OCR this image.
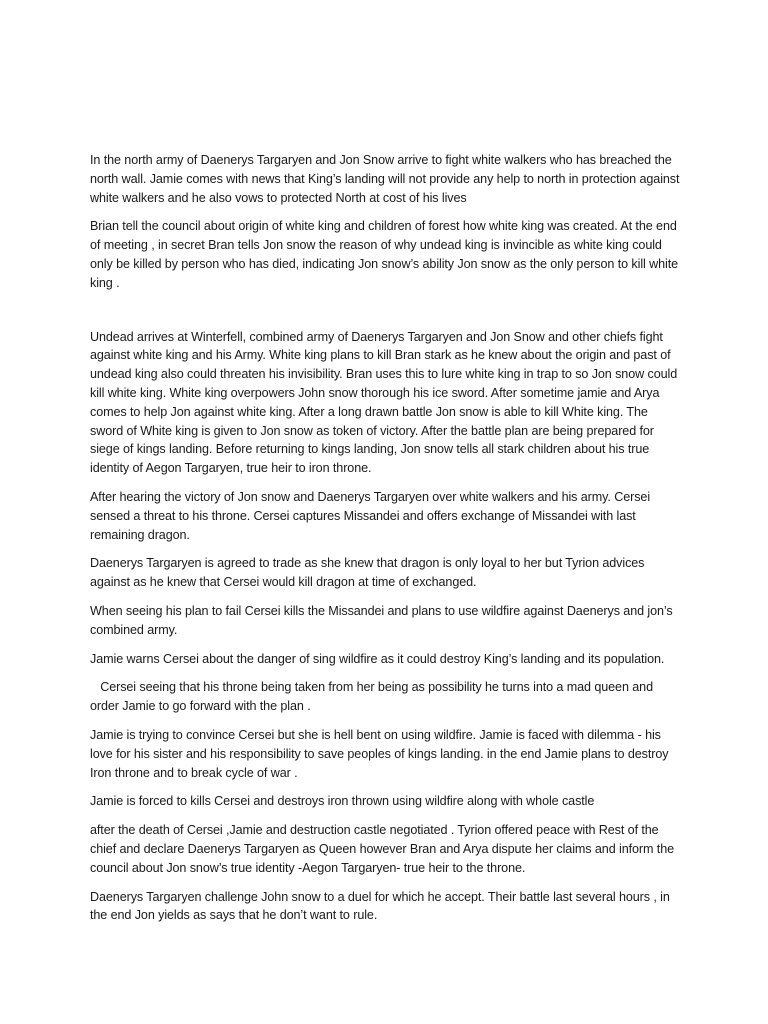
In the north army of Daenerys Targaryen and Jon Snow arrive to fight white walkers who has breached the north wall. Jamie comes with news that King’s landing will not provide any help to north in protection against white walkers and he also vows to protected North at cost of his lives

Brian tell the council about origin of white king and children of forest how white king was created. At the end of meeting , in secret Bran tells Jon snow the reason of why undead king is invincible as white king could only be killed by person who has died, indicating Jon snow’s ability Jon snow as the only person to kill white king .

Undead arrives at Winterfell, combined army of Daenerys Targaryen and Jon Snow and other chiefs fight against white king and his Army. White king plans to kill Bran stark as he knew about the origin and past of undead king also could threaten his invisibility. Bran uses this to lure white king in trap to so Jon snow could kill white king. White king overpowers John snow thorough his ice sword. After sometime jamie and Arya comes to help Jon against white king. After a long drawn battle Jon snow is able to kill White king. The sword of White king is given to Jon snow as token of victory. After the battle plan are being prepared for siege of kings landing. Before returning to kings landing, Jon snow tells all stark children about his true identity of Aegon Targaryen, true heir to iron throne.

After hearing the victory of Jon snow and Daenerys Targaryen over white walkers and his army. Cersei sensed a threat to his throne. Cersei captures Missandei and offers exchange of Missandei with last remaining dragon.

Daenerys Targaryen is agreed to trade as she knew that dragon is only loyal to her but Tyrion advices against as he knew that Cersei would kill dragon at time of exchanged.

When seeing his plan to fail Cersei kills the Missandei and plans to use wildfire against Daenerys and jon’s combined army.

Jamie warns Cersei about the danger of sing wildfire as it could destroy King’s landing and its population.

Cersei seeing that his throne being taken from her being as possibility he turns into a mad queen and order Jamie to go forward with the plan .

Jamie is trying to convince Cersei but she is hell bent on using wildfire. Jamie is faced with dilemma - his love for his sister and his responsibility to save peoples of kings landing. in the end Jamie plans to destroy Iron throne and to break cycle of war .

Jamie is forced to kills Cersei and destroys iron thrown using wildfire along with whole castle

after the death of Cersei ,Jamie and destruction castle negotiated . Tyrion offered peace with Rest of the chief and declare Daenerys Targaryen as Queen however Bran and Arya dispute her claims and inform the council about Jon snow’s true identity -Aegon Targaryen- true heir to the throne.

Daenerys Targaryen challenge John snow to a duel for which he accept. Their battle last several hours , in the end Jon yields as says that he don’t want to rule.
